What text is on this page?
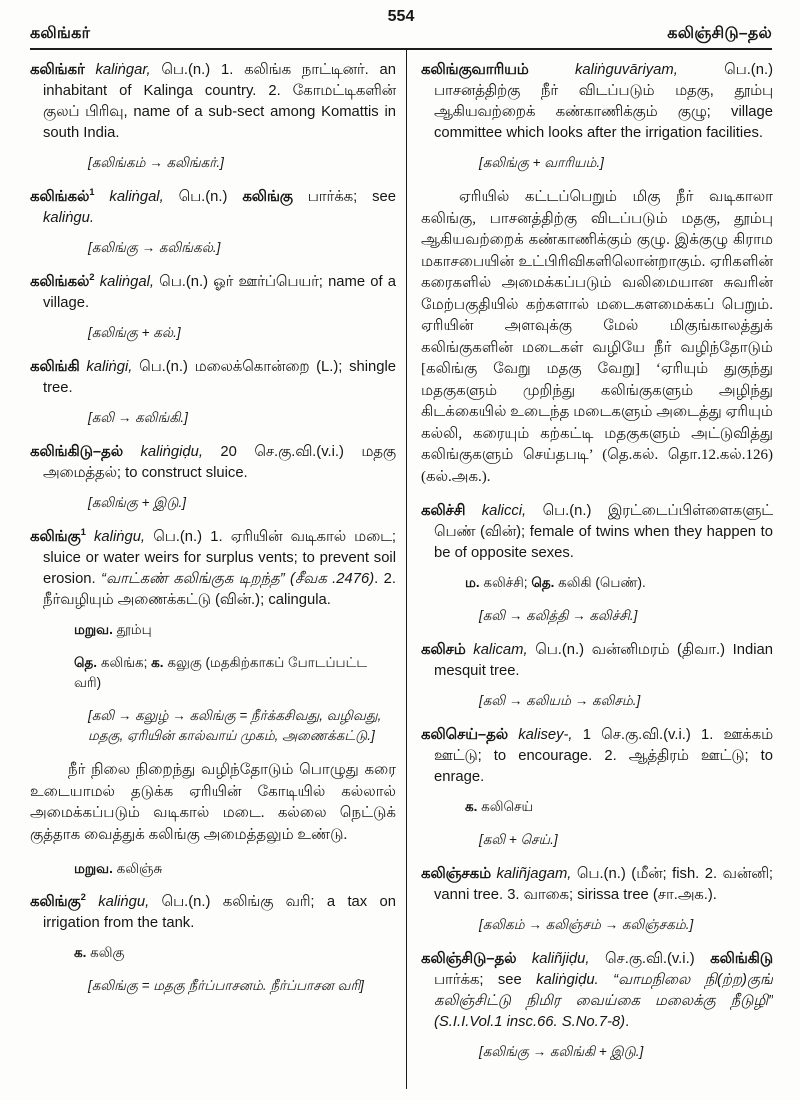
கலிங்கர்
554
கலிஞ்சிடு–தல்

கலிங்கர் kaliṅgar, பெ.(n.) 1. கலிங்க நாட்டினர். an inhabitant of Kalinga country. 2. கோமட்டிகளின் குலப் பிரிவு, name of a sub-sect among Komattis in south India.

[கலிங்கம் → கலிங்கர்.]

கலிங்கல்$^1$ kaliṅgal, பெ.(n.) கலிங்கு பார்க்க; see kaliṅgu.

[கலிங்கு → கலிங்கல்.]

கலிங்கல்$^2$ kaliṅgal, பெ.(n.) ஓர் ஊர்ப்பெயர்; name of a village.

[கலிங்கு + கல்.]

கலிங்கி kaliṅgi, பெ.(n.) மலைக்கொன்றை (L.); shingle tree.

[கலி → கலிங்கி.]

கலிங்கிடு–தல் kaliṅgiḍu, 20 செ.கு.வி.(v.i.) மதகு அமைத்தல்; to construct sluice.

[கலிங்கு + இடு.]

கலிங்கு$^1$ kaliṅgu, பெ.(n.) 1. ஏரியின் வடிகால் மடை; sluice or water weirs for surplus vents; to prevent soil erosion. “வாட்கண் கலிங்குக டிறந்த” (சீவக .2476). 2. நீர்வழியும் அணைக்கட்டு (வின்.); calingula.

மறுவ. தூம்பு

தெ. கலிங்க; க. கலுகு (மதகிற்காகப் போடப்பட்ட வரி)

[கலி → கலுழ் → கலிங்கு = நீர்க்கசிவது, வழிவது, மதகு, ஏரியின் கால்வாய் முகம், அணைக்கட்டு.]

நீர் நிலை நிறைந்து வழிந்தோடும் பொழுது கரை உடையாமல் தடுக்க ஏரியின் கோடியில் கல்லால் அமைக்கப்படும் வடிகால் மடை. கல்லை நெட்டுக் குத்தாக வைத்துக் கலிங்கு அமைத்தலும் உண்டு.

மறுவ. கலிஞ்சு

கலிங்கு$^2$ kaliṅgu, பெ.(n.) கலிங்கு வரி; a tax on irrigation from the tank.

க. கலிகு

[கலிங்கு = மதகு நீர்ப்பாசனம். நீர்ப்பாசன வரி]

கலிங்குவாரியம் kaliṅguvāriyam, பெ.(n.) பாசனத்திற்கு நீர் விடப்படும் மதகு, தூம்பு ஆகியவற்றைக் கண்காணிக்கும் குழு; village committee which looks after the irrigation facilities.

[கலிங்கு + வாரியம்.]

ஏரியில் கட்டப்பெறும் மிகு நீர் வடிகாலா கலிங்கு, பாசனத்திற்கு விடப்படும் மதகு, தூம்பு ஆகியவற்றைக் கண்காணிக்கும் குழு. இக்குழு கிராம மகாசபையின் உட்பிரிவிகளிலொன்றாகும். ஏரிகளின் கரைகளில் அமைக்கப்படும் வலிமையான சுவரின் மேற்பகுதியில் கற்களால் மடைகளமைக்கப் பெறும். ஏரியின் அளவுக்கு மேல் மிகுங்காலத்துக் கலிங்குகளின் மடைகள் வழியே நீர் வழிந்தோடும் [கலிங்கு வேறு மதகு வேறு] ‘ஏரியும் துகுந்து மதகுகளும் முறிந்து கலிங்குகளும் அழிந்து கிடக்கையில் உடைந்த மடைகளும் அடைத்து ஏரியும் கல்லி, கரையும் கற்கட்டி மதகுகளும் அட்டுவித்து கலிங்குகளும் செய்தபடி’ (தெ.கல். தொ.12.கல்.126) (கல்.அக.).

கலிச்சி kalicci, பெ.(n.) இரட்டைப்பிள்ளைகளுட் பெண் (வின்); female of twins when they happen to be of opposite sexes.

ம. கலிச்சி; தெ. கலிகி (பெண்).

[கலி → கலித்தி → கலிச்சி.]

கலிசம் kalicam, பெ.(n.) வன்னிமரம் (திவா.) Indian mesquit tree.

[கலி → கலியம் → கலிசம்.]

கலிசெய்–தல் kalisey-, 1 செ.கு.வி.(v.i.) 1. ஊக்கம் ஊட்டு; to encourage. 2. ஆத்திரம் ஊட்டு; to enrage.

க. கலிசெய்

[கலி + செய்.]

கலிஞ்சகம் kaliñjagam, பெ.(n.) (மீன்; fish. 2. வன்னி; vanni tree. 3. வாகை; sirissa tree (சா.அக.).

[கலிகம் → கலிஞ்சம் → கலிஞ்சகம்.]

கலிஞ்சிடு–தல் kaliñjiḍu, செ.கு.வி.(v.i.) கலிங்கிடு பார்க்க; see kaliṅgiḍu. “வாமநிலை நி(ற்ற)குங் கலிஞ்சிட்டு நிமிர வைய்கை மலைக்கு நீடுழி” (S.I.I.Vol.1 insc.66. S.No.7-8).

[கலிங்கு → கலிங்கி + இடு.]
